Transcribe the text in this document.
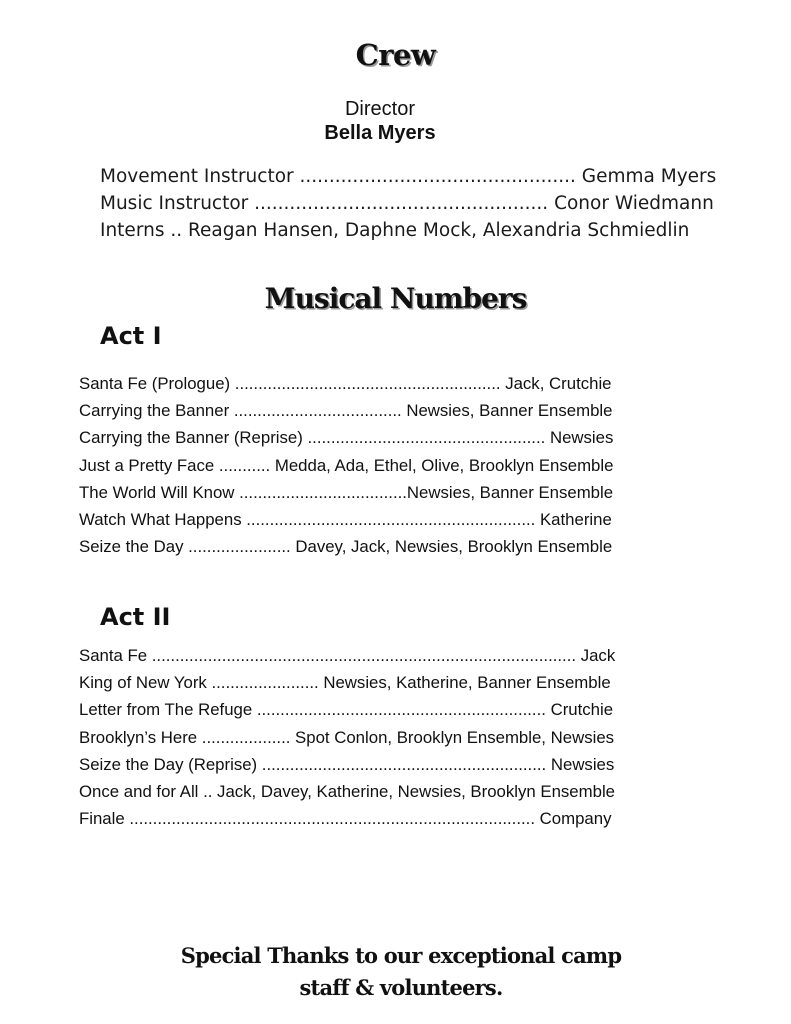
Crew
Director
Bella Myers
Movement Instructor ............................................... Gemma Myers
Music Instructor .................................................. Conor Wiedmann
Interns .. Reagan Hansen, Daphne Mock, Alexandria Schmiedlin
Musical Numbers
Act I
Santa Fe (Prologue) ......................................................... Jack, Crutchie
Carrying the Banner .................................... Newsies, Banner Ensemble
Carrying the Banner (Reprise) ................................................... Newsies
Just a Pretty Face ........... Medda, Ada, Ethel, Olive, Brooklyn Ensemble
The World Will Know ....................................Newsies, Banner Ensemble
Watch What Happens .............................................................. Katherine
Seize the Day ...................... Davey, Jack, Newsies, Brooklyn Ensemble
Act II
Santa Fe ........................................................................................... Jack
King of New York ....................... Newsies, Katherine, Banner Ensemble
Letter from The Refuge .............................................................. Crutchie
Brooklyn’s Here ................... Spot Conlon, Brooklyn Ensemble, Newsies
Seize the Day (Reprise) ............................................................. Newsies
Once and for All .. Jack, Davey, Katherine, Newsies, Brooklyn Ensemble
Finale ....................................................................................... Company
Special Thanks to our exceptional camp
staff & volunteers.
